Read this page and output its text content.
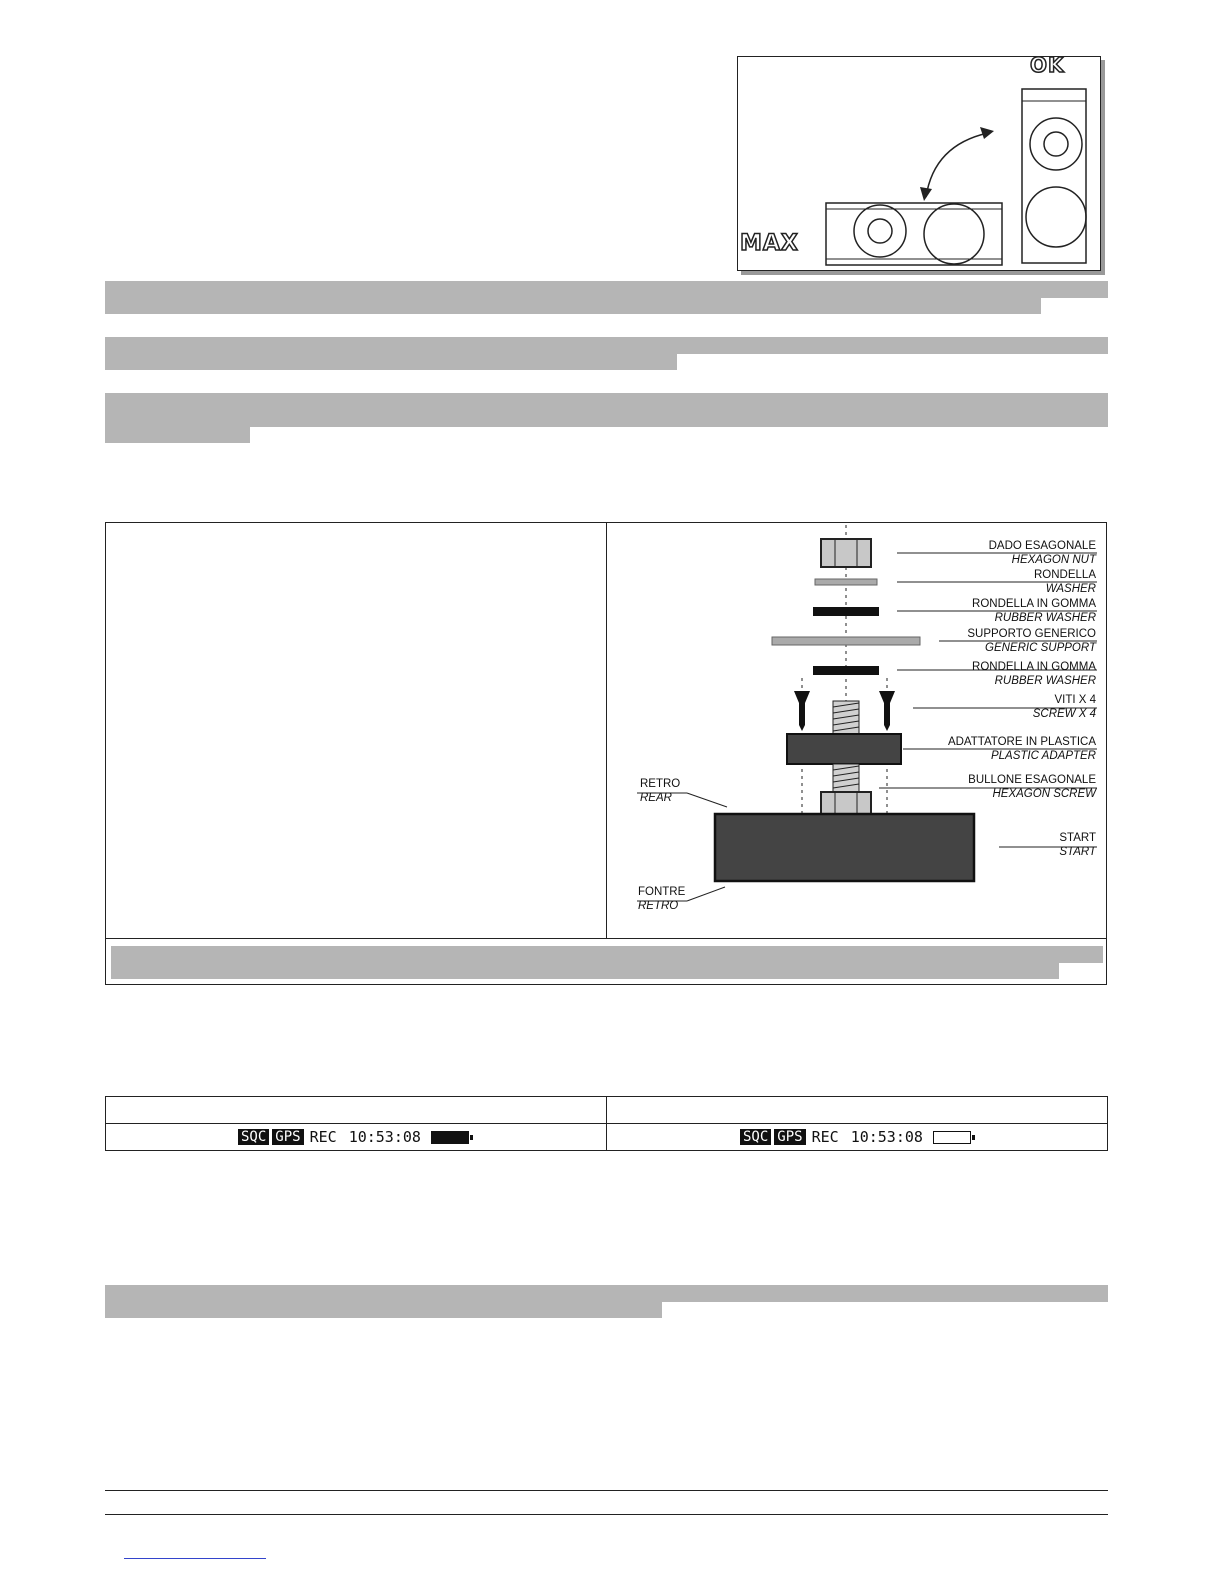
OK
MAX
DADO ESAGONALE
HEXAGON NUT
RONDELLA
WASHER
RONDELLA IN GOMMA
RUBBER WASHER
SUPPORTO GENERICO
GENERIC SUPPORT
RONDELLA IN GOMMA
RUBBER WASHER
VITI X 4
SCREW X 4
ADATTATORE IN PLASTICA
PLASTIC ADAPTER
BULLONE ESAGONALE
HEXAGON SCREW
START
START
RETRO
REAR
FONTRE
RETRO
SQC GPS REC 10:53:08	SQC GPS REC 10:53:08
